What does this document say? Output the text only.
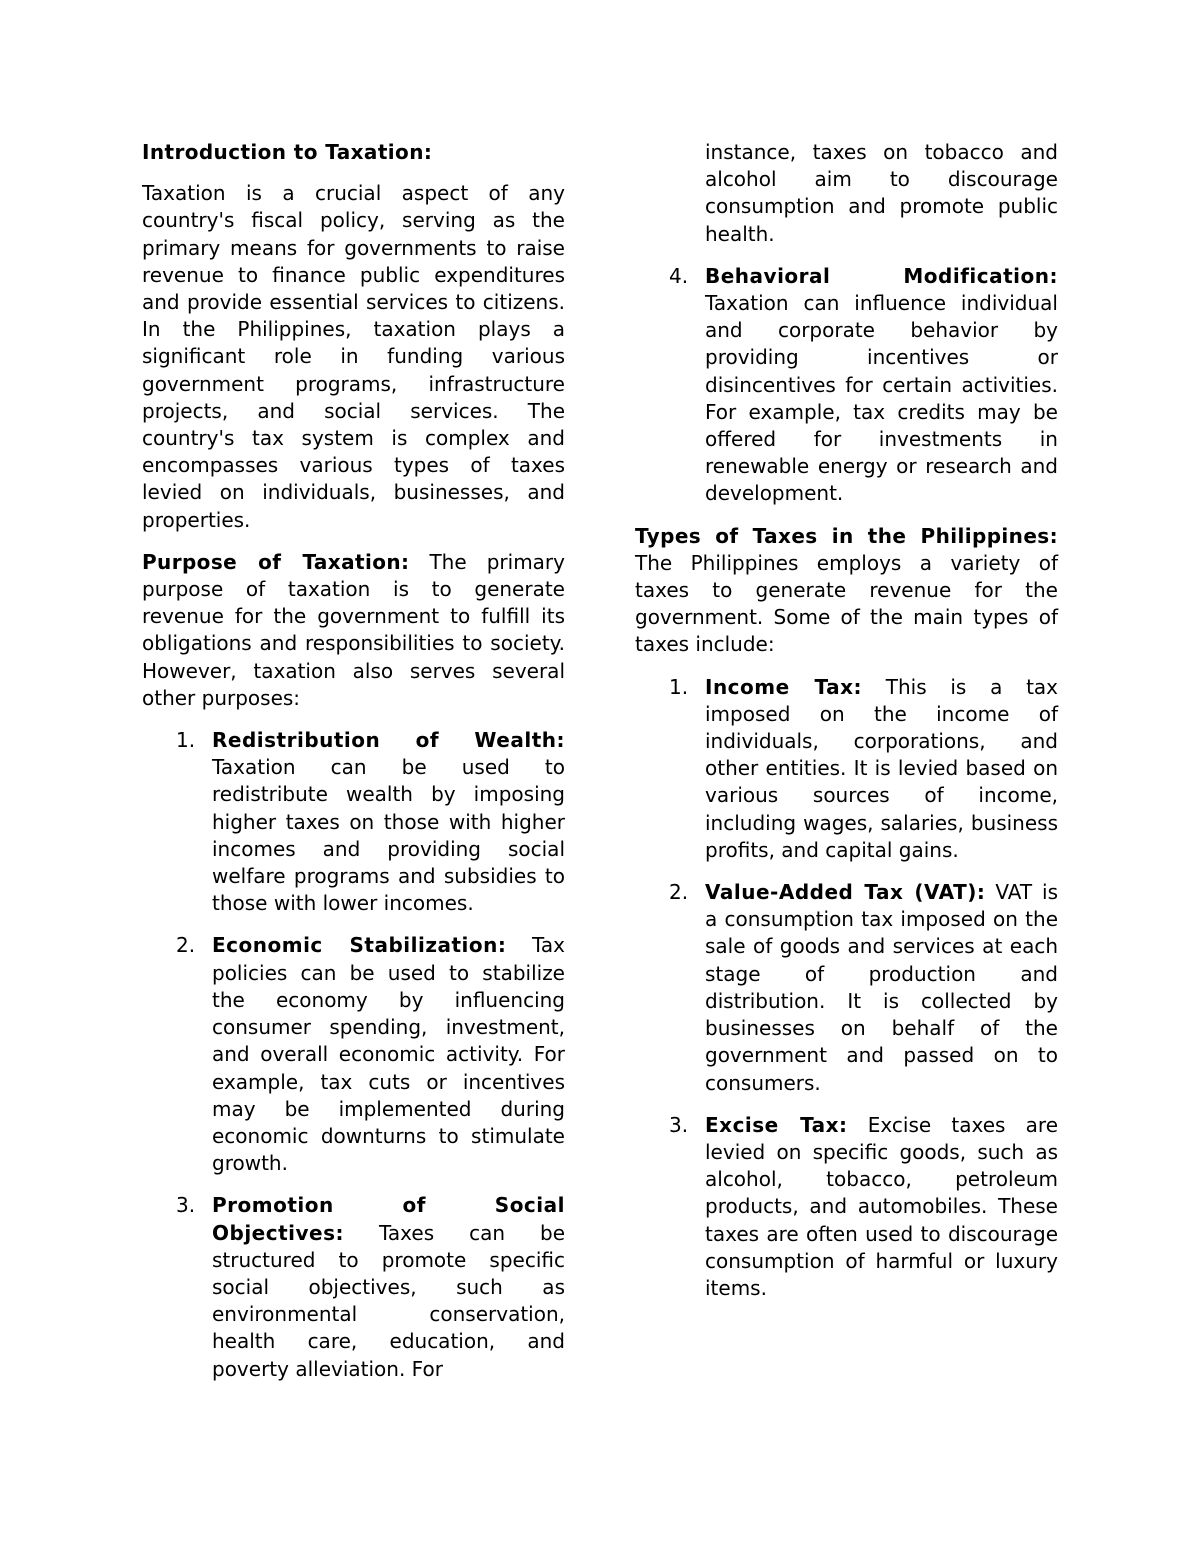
Introduction to Taxation:

Taxation is a crucial aspect of any country's fiscal policy, serving as the primary means for governments to raise revenue to finance public expenditures and provide essential services to citizens. In the Philippines, taxation plays a significant role in funding various government programs, infrastructure projects, and social services. The country's tax system is complex and encompasses various types of taxes levied on individuals, businesses, and properties.

Purpose of Taxation: The primary purpose of taxation is to generate revenue for the government to fulfill its obligations and responsibilities to society. However, taxation also serves several other purposes:

1. Redistribution of Wealth: Taxation can be used to redistribute wealth by imposing higher taxes on those with higher incomes and providing social welfare programs and subsidies to those with lower incomes.
2. Economic Stabilization: Tax policies can be used to stabilize the economy by influencing consumer spending, investment, and overall economic activity. For example, tax cuts or incentives may be implemented during economic downturns to stimulate growth.
3. Promotion of Social Objectives: Taxes can be structured to promote specific social objectives, such as environmental conservation, health care, education, and poverty alleviation. For

instance, taxes on tobacco and alcohol aim to discourage consumption and promote public health.

4. Behavioral Modification: Taxation can influence individual and corporate behavior by providing incentives or disincentives for certain activities. For example, tax credits may be offered for investments in renewable energy or research and development.

Types of Taxes in the Philippines: The Philippines employs a variety of taxes to generate revenue for the government. Some of the main types of taxes include:

1. Income Tax: This is a tax imposed on the income of individuals, corporations, and other entities. It is levied based on various sources of income, including wages, salaries, business profits, and capital gains.
2. Value-Added Tax (VAT): VAT is a consumption tax imposed on the sale of goods and services at each stage of production and distribution. It is collected by businesses on behalf of the government and passed on to consumers.
3. Excise Tax: Excise taxes are levied on specific goods, such as alcohol, tobacco, petroleum products, and automobiles. These taxes are often used to discourage consumption of harmful or luxury items.
